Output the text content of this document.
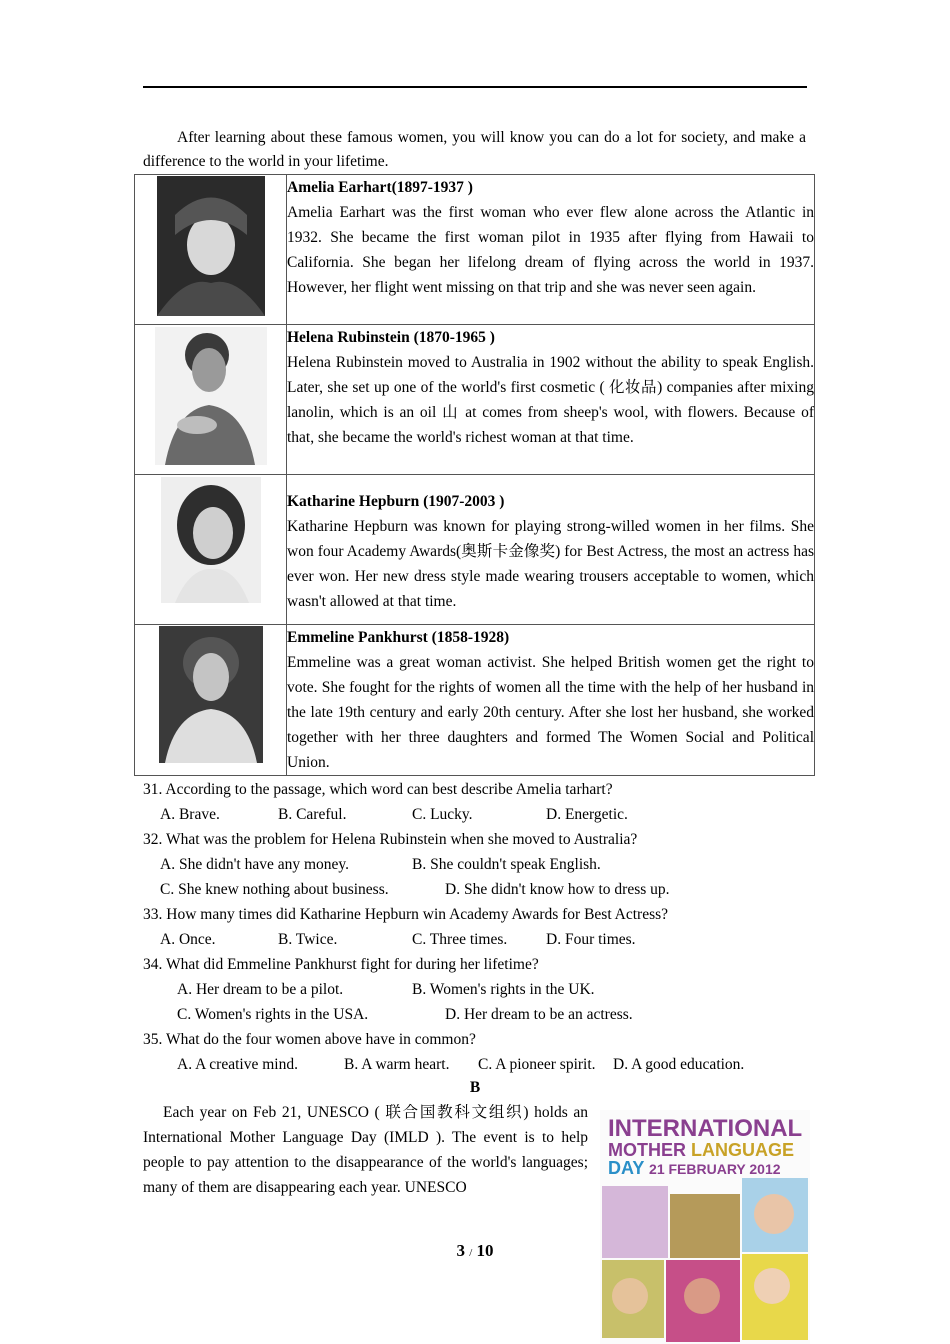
After learning about these famous women, you will know you can do a lot for society, and make a difference to the world in your lifetime.

Amelia Earhart(1897-1937 )
Amelia Earhart was the first woman who ever flew alone across the Atlantic in 1932. She became the first woman pilot in 1935 after flying from Hawaii to California. She began her lifelong dream of flying across the world in 1937. However, her flight went missing on that trip and she was never seen again.

Helena Rubinstein (1870-1965 )
Helena Rubinstein moved to Australia in 1902 without the ability to speak English. Later, she set up one of the world's first cosmetic ( 化妆品) companies after mixing lanolin, which is an oil 山 at comes from sheep's wool, with flowers. Because of that, she became the world's richest woman at that time.

Katharine Hepburn (1907-2003 )
Katharine Hepburn was known for playing strong-willed women in her films. She won four Academy Awards(奥斯卡金像奖) for Best Actress, the most an actress has ever won. Her new dress style made wearing trousers acceptable to women, which wasn't allowed at that time.

Emmeline Pankhurst (1858-1928)
Emmeline was a great woman activist. She helped British women get the right to vote. She fought for the rights of women all the time with the help of her husband in the late 19th century and early 20th century. After she lost her husband, she worked together with her three daughters and formed The Women Social and Political Union.
31. According to the passage, which word can best describe Amelia tarhart?
A. Brave.	B. Careful.	C. Lucky.	D. Energetic.
32. What was the problem for Helena Rubinstein when she moved to Australia?
A. She didn't have any money.	B. She couldn't speak English.
C. She knew nothing about business.	D. She didn't know how to dress up.
33. How many times did Katharine Hepburn win Academy Awards for Best Actress?
A. Once.	B. Twice.	C. Three times. D. Four times.
34. What did Emmeline Pankhurst fight for during her lifetime?
A. Her dream to be a pilot.	B. Women's rights in the UK.
C. Women's rights in the USA.	D. Her dream to be an actress.
35. What do the four women above have in common?
A. A creative mind.	B. A warm heart. C. A pioneer spirit. D. A good education.
B
Each year on Feb 21, UNESCO ( 联合国教科文组织) holds an International Mother Language Day (IMLD ). The event is to help people to pay attention to the disappearance of the world's languages; many of them are disappearing each year. UNESCO
INTERNATIONAL
MOTHER LANGUAGE
DAY 21 FEBRUARY 2012
3 / 10
